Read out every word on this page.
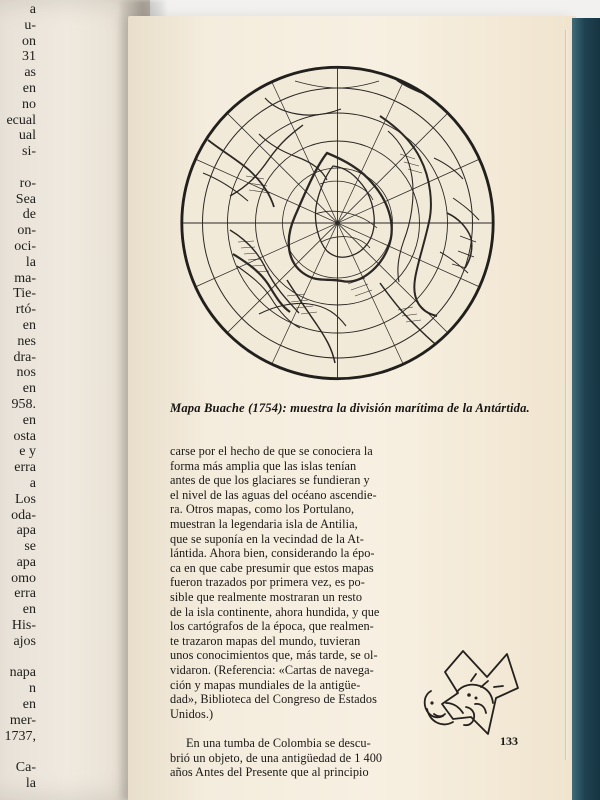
a
u-
on
31
as
en
no
ecual
ual
si-
ro-
Sea
de
on-
oci-
la
ma-
Tie-
rtó-
en
nes
dra-
nos
en
958.
en
osta
e y
erra
a
Los
oda-
apa
se
apa
omo
erra
en
His-
ajos
napa
n
en
mer-
1737,
Ca-
la
Mapa Buache (1754): muestra la división marítima de la Antártida.
carse por el hecho de que se conociera la
forma más amplia que las islas tenían
antes de que los glaciares se fundieran y
el nivel de las aguas del océano ascendie-
ra. Otros mapas, como los Portulano,
muestran la legendaria isla de Antilia,
que se suponía en la vecindad de la At-
lántida. Ahora bien, considerando la épo-
ca en que cabe presumir que estos mapas
fueron trazados por primera vez, es po-
sible que realmente mostraran un resto
de la isla continente, ahora hundida, y que
los cartógrafos de la época, que realmen-
te trazaron mapas del mundo, tuvieran
unos conocimientos que, más tarde, se ol-
vidaron. (Referencia: «Cartas de navega-
ción y mapas mundiales de la antigüe-
dad», Biblioteca del Congreso de Estados
Unidos.)
En una tumba de Colombia se descu-
brió un objeto, de una antigüedad de 1 400
años Antes del Presente que al principio
133
